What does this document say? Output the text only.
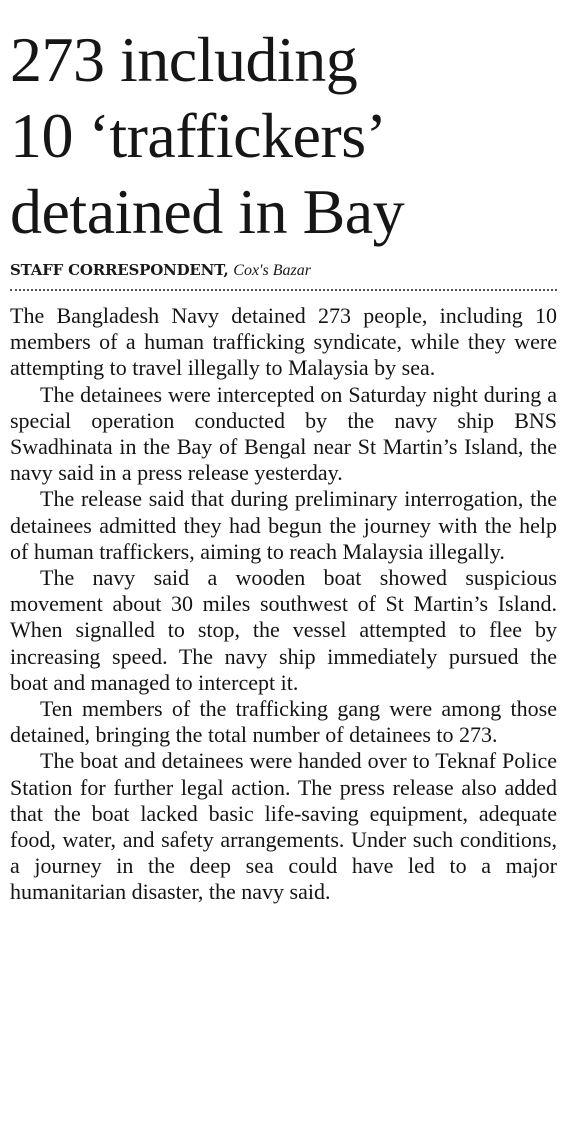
273 including
10 ‘traffickers’
detained in Bay
STAFF CORRESPONDENT, Cox's Bazar

The Bangladesh Navy detained 273 people, including 10 members of a human trafficking syndicate, while they were attempting to travel illegally to Malaysia by sea.

The detainees were intercepted on Saturday night during a special operation conducted by the navy ship BNS Swadhinata in the Bay of Bengal near St Martin’s Island, the navy said in a press release yesterday.

The release said that during preliminary interrogation, the detainees admitted they had begun the journey with the help of human traffickers, aiming to reach Malaysia illegally.

The navy said a wooden boat showed suspicious movement about 30 miles southwest of St Martin’s Island. When signalled to stop, the vessel attempted to flee by increasing speed. The navy ship immediately pursued the boat and managed to intercept it.

Ten members of the trafficking gang were among those detained, bringing the total number of detainees to 273.

The boat and detainees were handed over to Teknaf Police Station for further legal action. The press release also added that the boat lacked basic life-saving equipment, adequate food, water, and safety arrangements. Under such conditions, a journey in the deep sea could have led to a major humanitarian disaster, the navy said.
